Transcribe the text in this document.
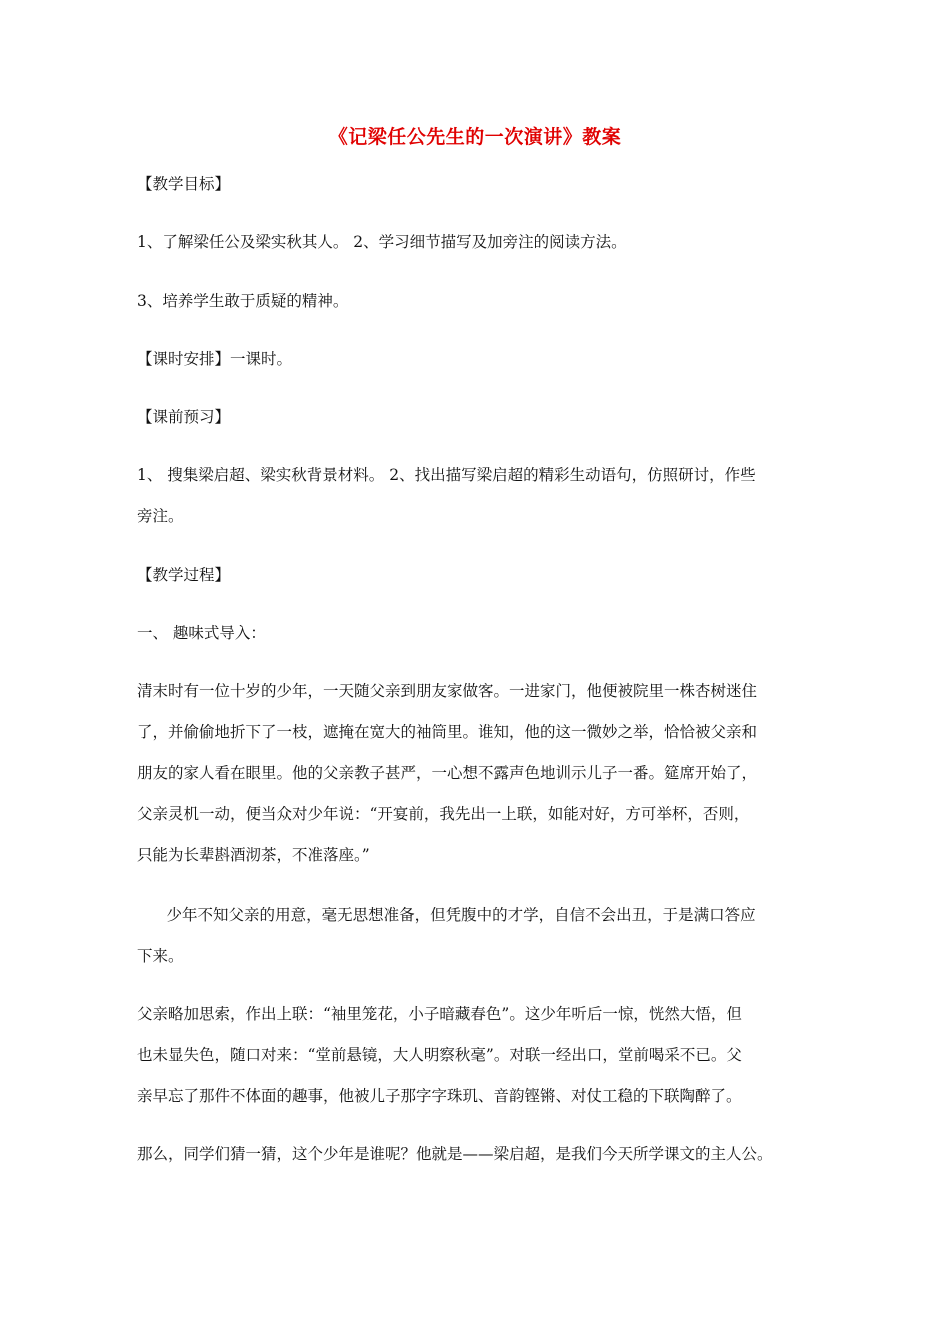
《记梁任公先生的一次演讲》教案
【教学目标】
1、了解梁任公及梁实秋其人。 2、学习细节描写及加旁注的阅读方法。
3、培养学生敢于质疑的精神。
【课时安排】一课时。
【课前预习】
1、 搜集梁启超、梁实秋背景材料。 2、找出描写梁启超的精彩生动语句，仿照研讨，作些
旁注。
【教学过程】
一、 趣味式导入：
清末时有一位十岁的少年，一天随父亲到朋友家做客。一进家门，他便被院里一株杏树迷住
了，并偷偷地折下了一枝，遮掩在宽大的袖筒里。谁知，他的这一微妙之举，恰恰被父亲和
朋友的家人看在眼里。他的父亲教子甚严，一心想不露声色地训示儿子一番。筵席开始了，
父亲灵机一动，便当众对少年说：“开宴前，我先出一上联，如能对好，方可举杯，否则，
只能为长辈斟酒沏茶，不准落座。”
少年不知父亲的用意，毫无思想准备，但凭腹中的才学，自信不会出丑，于是满口答应
下来。
父亲略加思索，作出上联：“袖里笼花，小子暗藏春色”。这少年听后一惊，恍然大悟，但
也未显失色，随口对来：“堂前悬镜，大人明察秋毫”。对联一经出口，堂前喝采不已。父
亲早忘了那件不体面的趣事，他被儿子那字字珠玑、音韵铿锵、对仗工稳的下联陶醉了。
那么，同学们猜一猜，这个少年是谁呢？他就是——梁启超，是我们今天所学课文的主人公。
